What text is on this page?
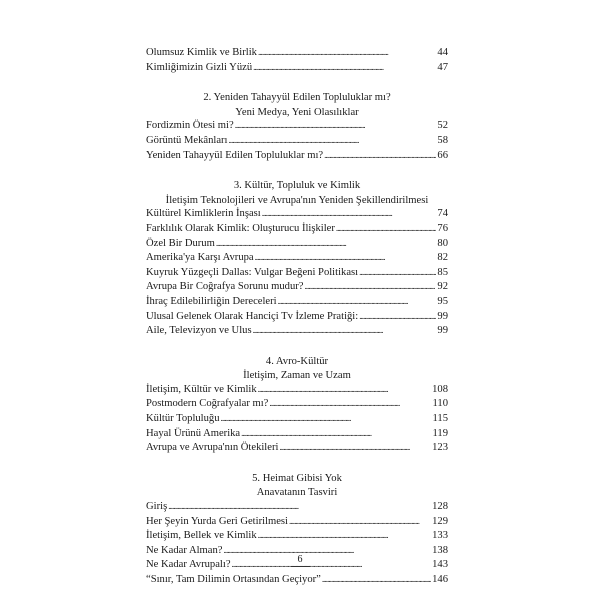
Olumsuz Kimlik ve Birlik . . .	44
Kimliğimizin Gizli Yüzü . . .	47
2. Yeniden Tahayyül Edilen Topluluklar mı?
Yeni Medya, Yeni Olasılıklar
Fordizmin Ötesi mi? . . .	52
Görüntü Mekânları . . .	58
Yeniden Tahayyül Edilen Topluluklar mı? . . .	66
3. Kültür, Topluluk ve Kimlik
İletişim Teknolojileri ve Avrupa'nın Yeniden Şekillendirilmesi
Kültürel Kimliklerin İnşası . . .	74
Farklılık Olarak Kimlik: Oluşturucu İlişkiler . . .	76
Özel Bir Durum . . .	80
Amerika'ya Karşı Avrupa . . .	82
Kuyruk Yüzgeçli Dallas: Vulgar Beğeni Politikası . . .	85
Avrupa Bir Coğrafya Sorunu mudur? . . .	92
İhraç Edilebilirliğin Dereceleri . . .	95
Ulusal Gelenek Olarak Hanciçi Tv İzleme Pratiği: . . .	99
Aile, Televizyon ve Ulus . . .	99
4. Avro-Kültür
İletişim, Zaman ve Uzam
İletişim, Kültür ve Kimlik . . .	108
Postmodern Coğrafyalar mı? . . .	110
Kültür Topluluğu . . .	115
Hayal Ürünü Amerika . . .	119
Avrupa ve Avrupa'nın Ötekileri . . .	123
5. Heimat Gibisi Yok
Anavatanın Tasviri
Giriş . . .	128
Her Şeyin Yurda Geri Getirilmesi . . .	129
İletişim, Bellek ve Kimlik . . .	133
Ne Kadar Alman? . . .	138
Ne Kadar Avrupalı? . . .	143
“Sınır, Tam Dilimin Ortasından Geçiyor” . . .	146
6
